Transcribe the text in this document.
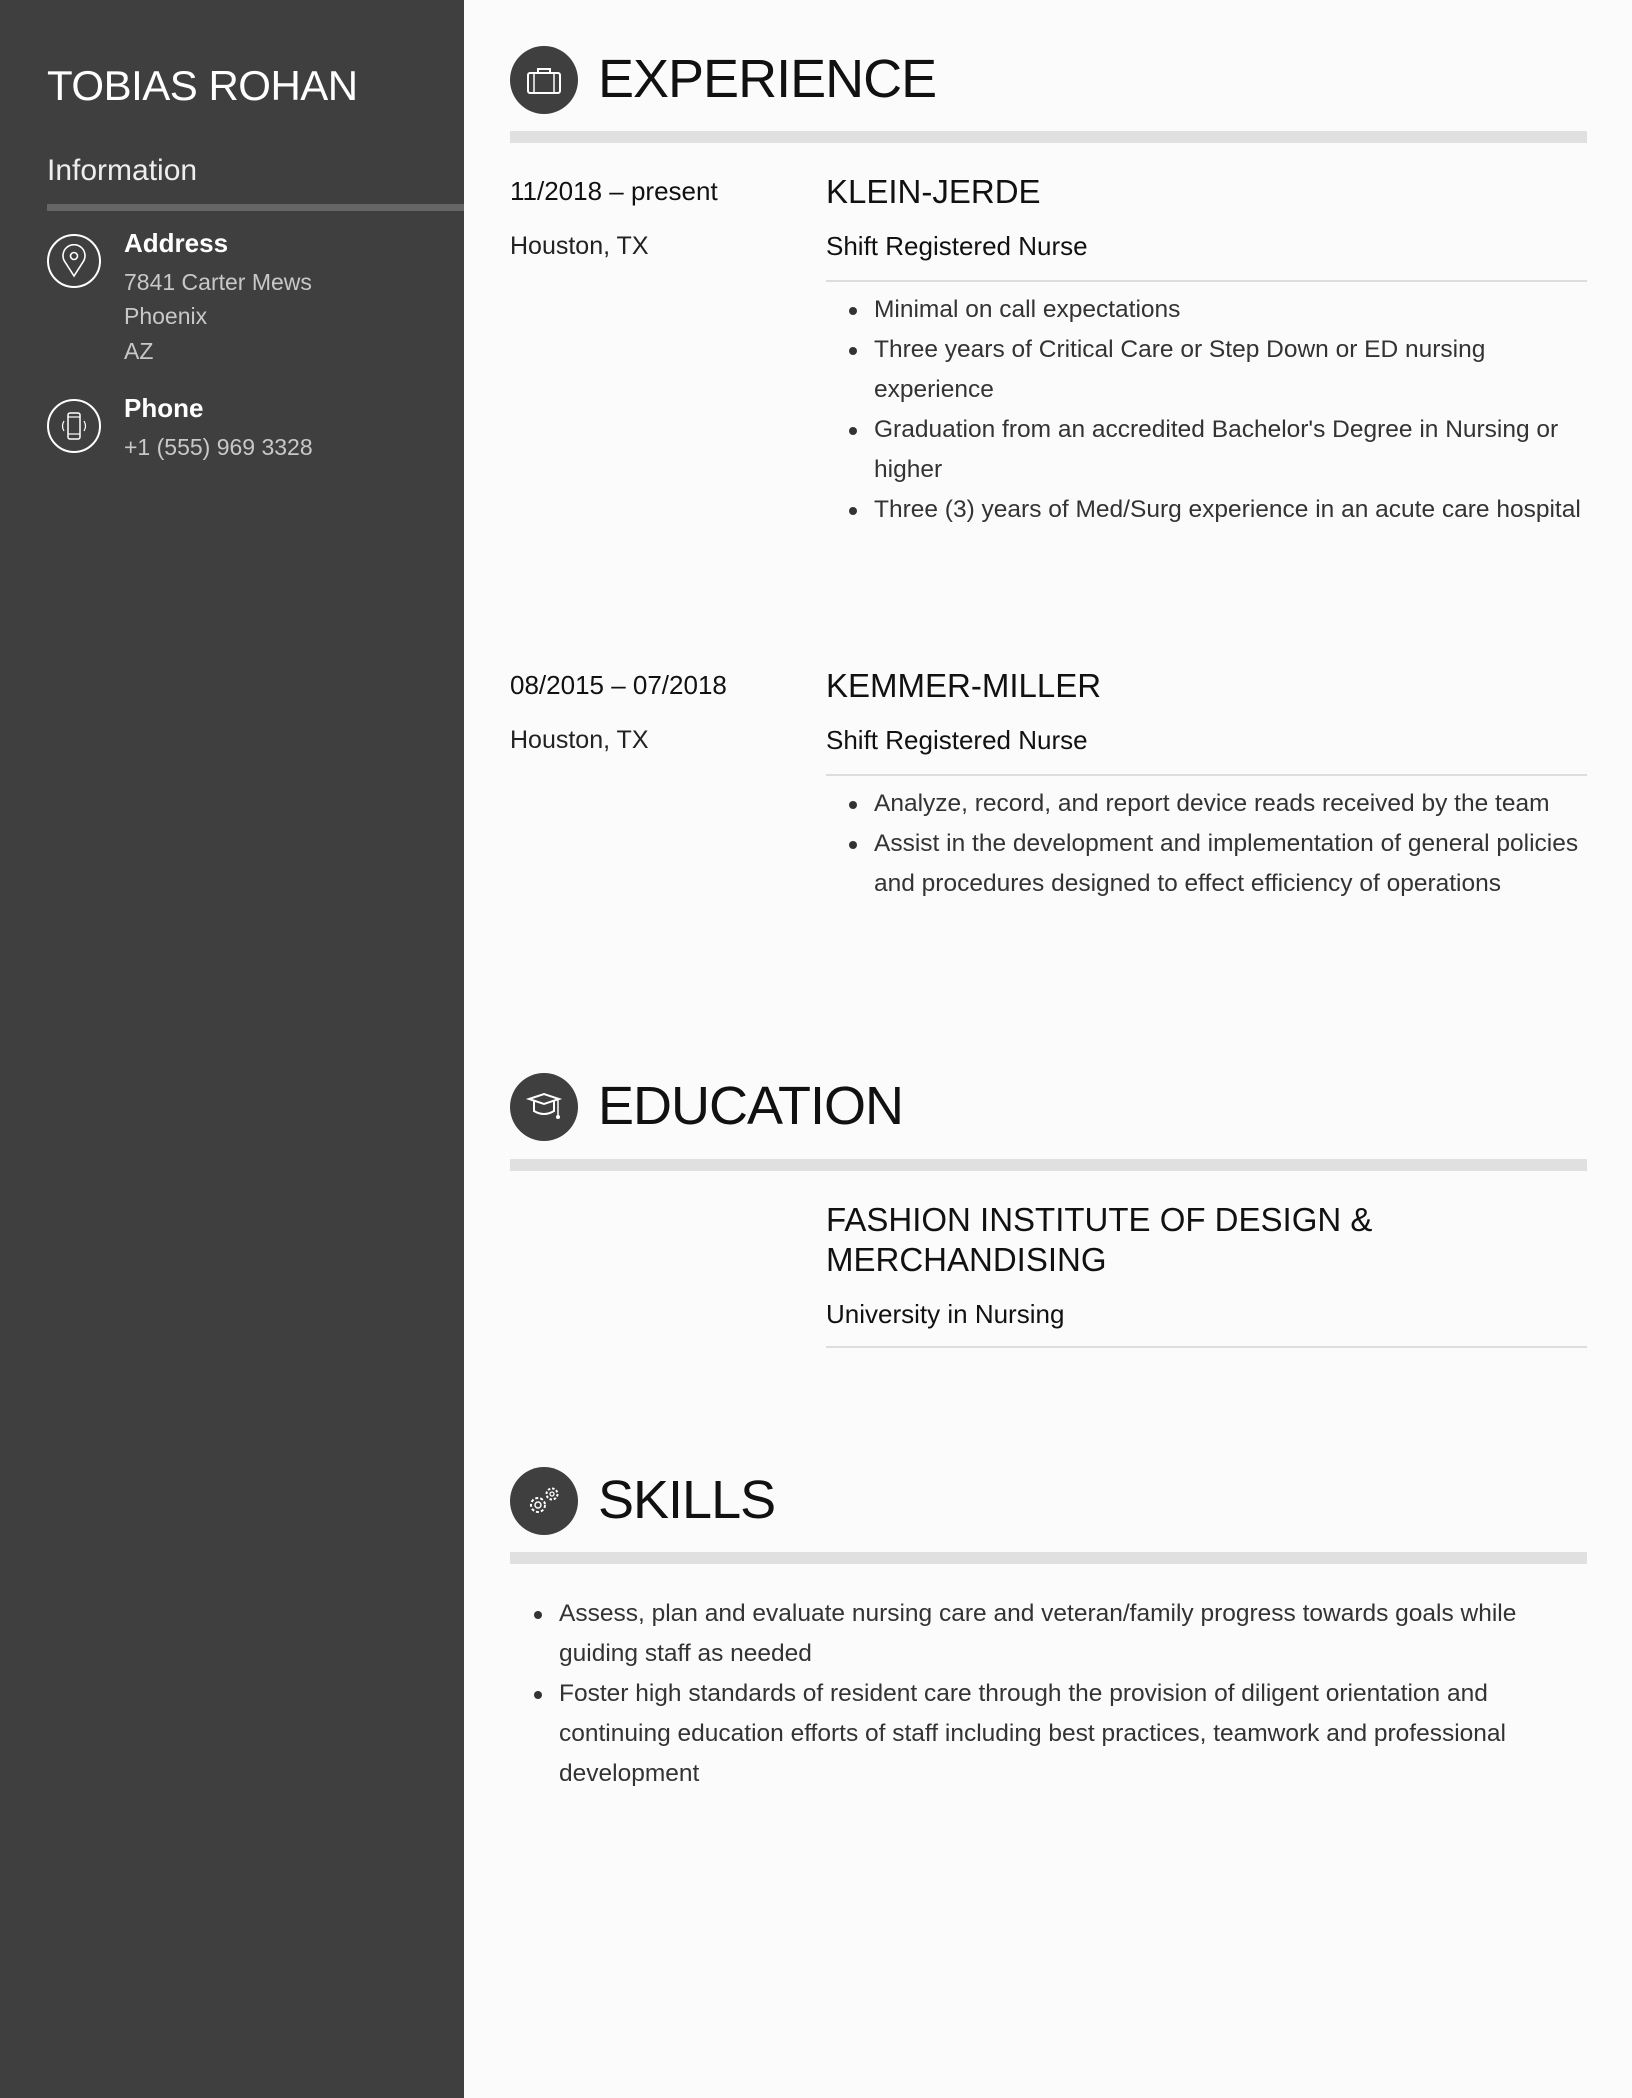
TOBIAS ROHAN
Information
Address
7841 Carter Mews
Phoenix
AZ
Phone
+1 (555) 969 3328
EXPERIENCE
11/2018 – present
Houston, TX
KLEIN-JERDE
Shift Registered Nurse
Minimal on call expectations
Three years of Critical Care or Step Down or ED nursing experience
Graduation from an accredited Bachelor's Degree in Nursing or higher
Three (3) years of Med/Surg experience in an acute care hospital
08/2015 – 07/2018
Houston, TX
KEMMER-MILLER
Shift Registered Nurse
Analyze, record, and report device reads received by the team
Assist in the development and implementation of general policies and procedures designed to effect efficiency of operations
EDUCATION
FASHION INSTITUTE OF DESIGN & MERCHANDISING
University in Nursing
SKILLS
Assess, plan and evaluate nursing care and veteran/family progress towards goals while guiding staff as needed
Foster high standards of resident care through the provision of diligent orientation and continuing education efforts of staff including best practices, teamwork and professional development
